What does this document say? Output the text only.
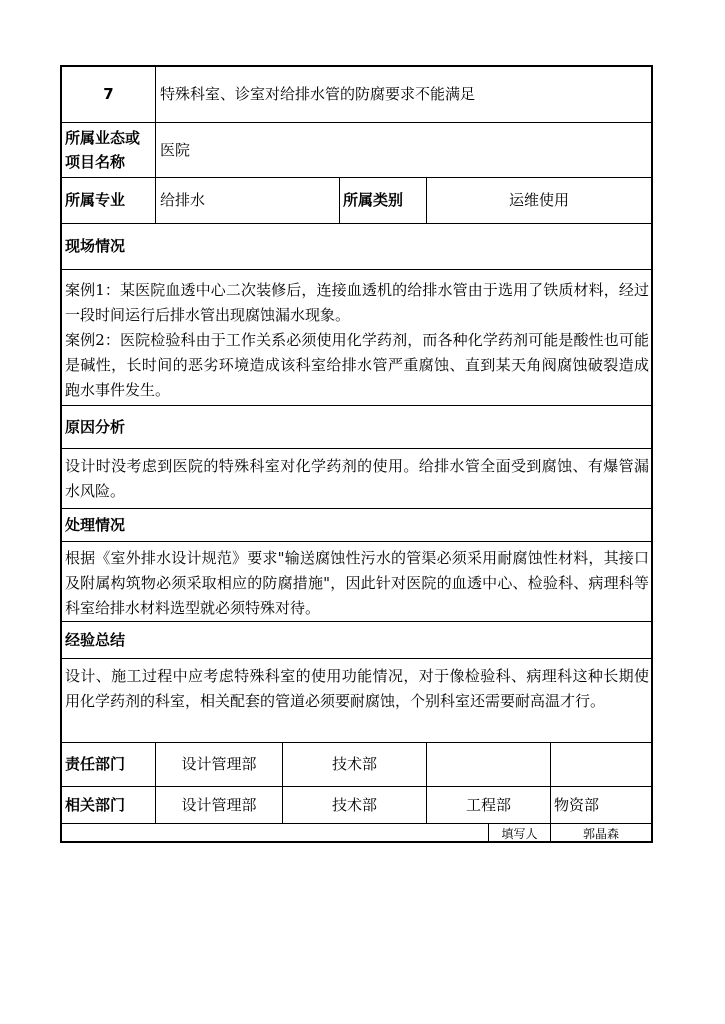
7	特殊科室、诊室对给排水管的防腐要求不能满足
所属业态或
项目名称
医院
所属专业	给排水	所属类别	运维使用
现场情况
案例1：某医院血透中心二次装修后，连接血透机的给排水管由于选用了铁质材料，经过一段时间运行后排水管出现腐蚀漏水现象。
案例2：医院检验科由于工作关系必须使用化学药剂，而各种化学药剂可能是酸性也可能是碱性，长时间的恶劣环境造成该科室给排水管严重腐蚀、直到某天角阀腐蚀破裂造成跑水事件发生。
原因分析
设计时没考虑到医院的特殊科室对化学药剂的使用。给排水管全面受到腐蚀、有爆管漏水风险。
处理情况
根据《室外排水设计规范》要求"输送腐蚀性污水的管渠必须采用耐腐蚀性材料，其接口及附属构筑物必须采取相应的防腐措施"，因此针对医院的血透中心、检验科、病理科等科室给排水材料选型就必须特殊对待。
经验总结
设计、施工过程中应考虑特殊科室的使用功能情况，对于像检验科、病理科这种长期使用化学药剂的科室，相关配套的管道必须要耐腐蚀，个别科室还需要耐高温才行。
责任部门	设计管理部	技术部
相关部门	设计管理部	技术部	工程部	物资部
填写人	郭晶森
